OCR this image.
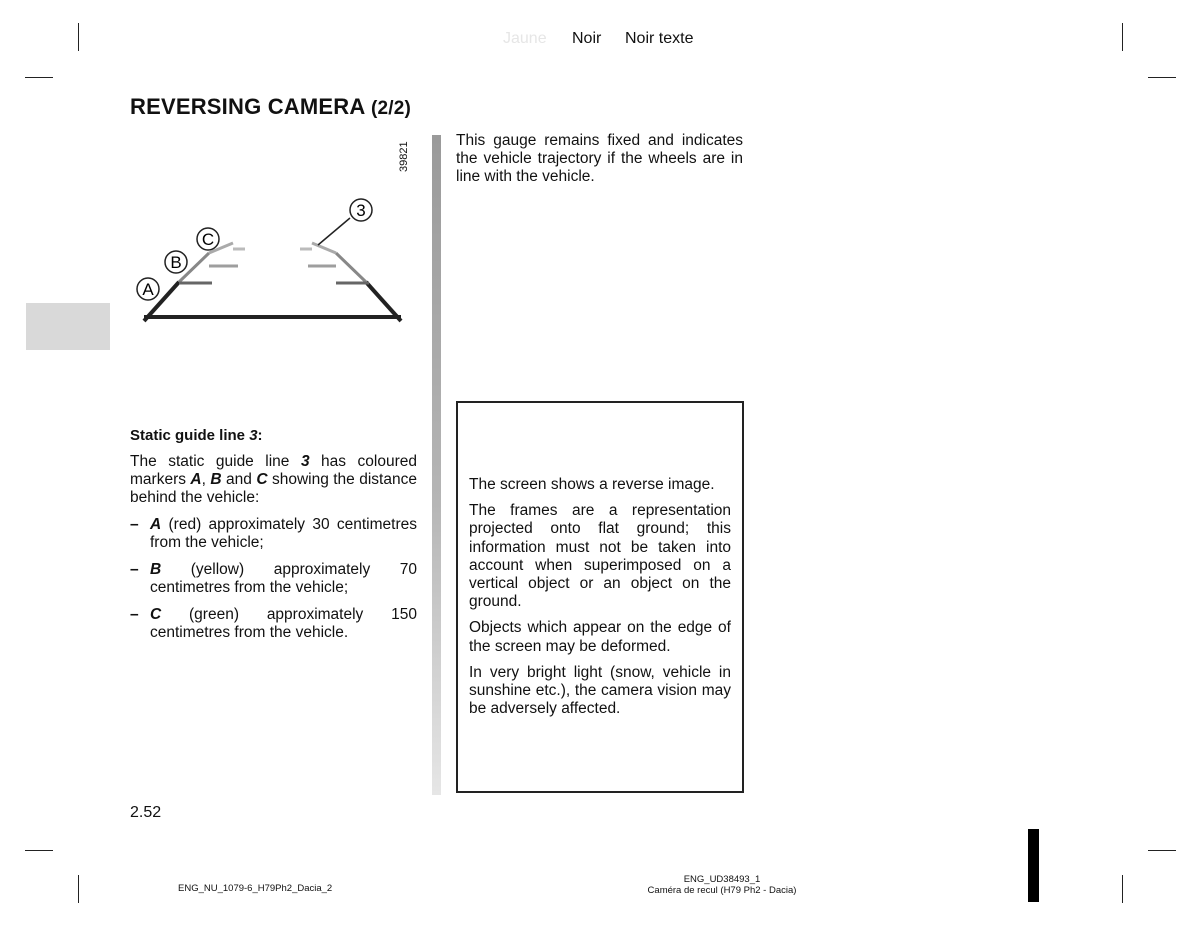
Jaune Noir Noir texte
REVERSING CAMERA (2/2)
39821
A
B
C
3
Static guide line 3:
The static guide line 3 has coloured markers A, B and C showing the distance behind the vehicle:
– A (red) approximately 30 centimetres from the vehicle;
– B (yellow) approximately 70 centimetres from the vehicle;
– C (green) approximately 150 centimetres from the vehicle.
This gauge remains fixed and indicates the vehicle trajectory if the wheels are in line with the vehicle.

The screen shows a reverse image.

The frames are a representation projected onto flat ground; this information must not be taken into account when superimposed on a vertical object or an object on the ground.

Objects which appear on the edge of the screen may be deformed.

In very bright light (snow, vehicle in sunshine etc.), the camera vision may be adversely affected.

2.52
ENG_NU_1079-6_H79Ph2_Dacia_2
ENG_UD38493_1
Caméra de recul (H79 Ph2 - Dacia)
